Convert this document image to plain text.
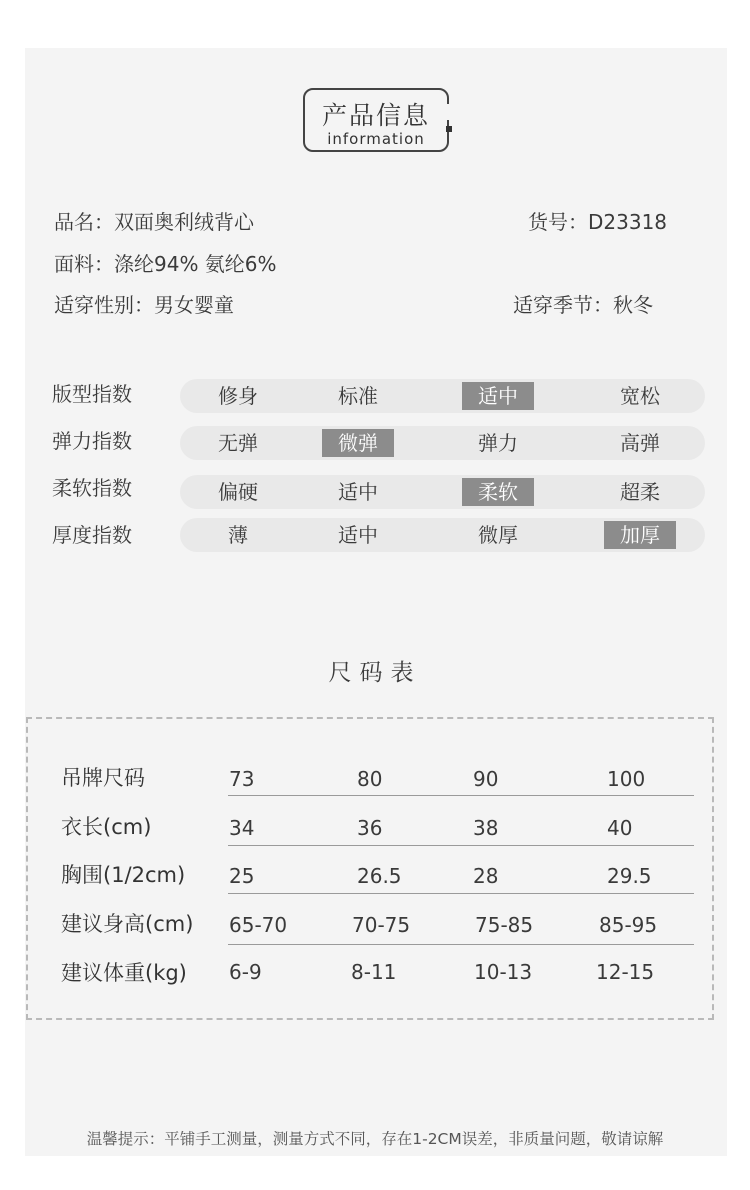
产品信息
information
品名：双面奥利绒背心	货号：D23318
面料：涤纶94% 氨纶6%
适穿性别：男女婴童	适穿季节：秋冬
版型指数	修身	标准	适中	宽松
弹力指数	无弹	微弹	弹力	高弹
柔软指数	偏硬	适中	柔软	超柔
厚度指数	薄	适中	微厚	加厚
尺码表
吊牌尺码	73	80	90	100
衣长(cm)	34	36	38	40
胸围(1/2cm) 25	26.5	28	29.5
建议身高(cm) 65-70	70-75	75-85	85-95
建议体重(kg) 6-9	8-11	10-13	12-15
温馨提示：平铺手工测量，测量方式不同，存在1-2CM误差，非质量问题，敬请谅解
